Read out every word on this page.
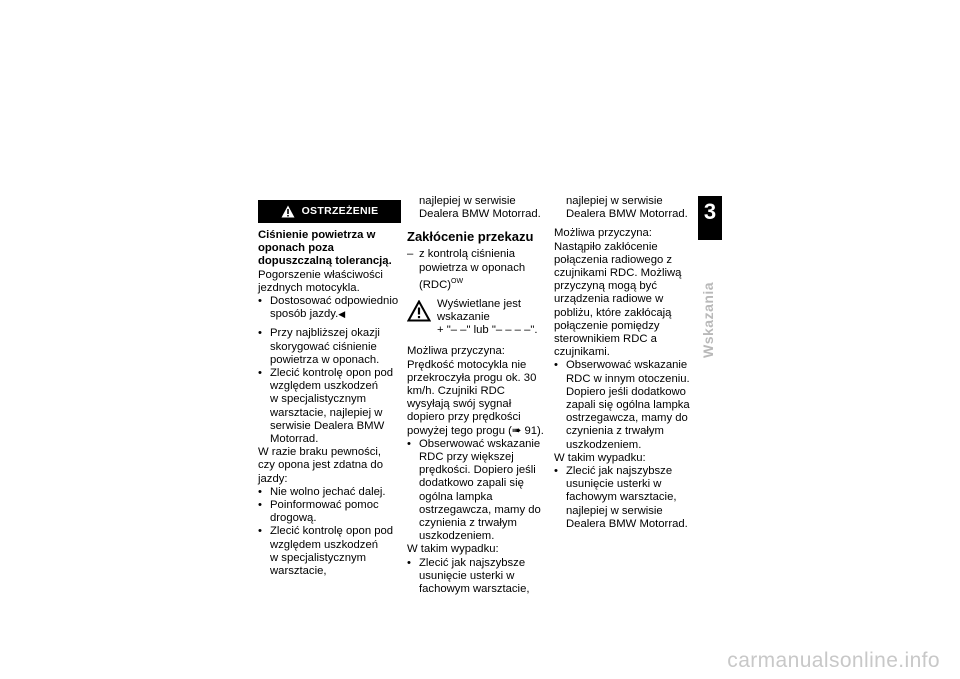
OSTRZEŻENIE

Ciśnienie powietrza w oponach poza dopuszczalną tolerancją.

Pogorszenie właściwości jezdnych motocykla.

• Dostosować odpowiednio sposób jazdy.◀

• Przy najbliższej okazji skorygować ciśnienie powietrza w oponach.

• Zlecić kontrolę opon pod względem uszkodzeń

w specjalistycznym warsztacie, najlepiej w serwisie Dealera BMW Motorrad.

W razie braku pewności, czy opona jest zdatna do jazdy:

• Nie wolno jechać dalej.

• Poinformować pomoc drogową.

• Zlecić kontrolę opon pod względem uszkodzeń

w specjalistycznym warsztacie,

najlepiej w serwisie Dealera BMW Motorrad.

Zakłócenie przekazu

– z kontrolą ciśnienia powietrza w oponach (RDC)$^{OW}$

Wyświetlane jest wskazanie
+ "– –" lub "– – – –".

Możliwa przyczyna:

Prędkość motocykla nie przekroczyła progu ok. 30 km/h. Czujniki RDC wysyłają swój sygnał dopiero przy prędkości powyżej tego progu (➠ 91).

• Obserwować wskazanie RDC przy większej prędkości. Dopiero jeśli dodatkowo zapali się ogólna lampka ostrzegawcza, mamy do czynienia z trwałym uszkodzeniem.

W takim wypadku:

• Zlecić jak najszybsze usunięcie usterki w fachowym warsztacie,

najlepiej w serwisie Dealera BMW Motorrad.

Możliwa przyczyna:

Nastąpiło zakłócenie połączenia radiowego z czujnikami RDC. Możliwą przyczyną mogą być urządzenia radiowe w pobliżu, które zakłócają połączenie pomiędzy sterownikiem RDC a czujnikami.

• Obserwować wskazanie RDC w innym otoczeniu. Dopiero jeśli dodatkowo zapali się ogólna lampka ostrzegawcza, mamy do czynienia z trwałym uszkodzeniem.

W takim wypadku:

• Zlecić jak najszybsze usunięcie usterki w fachowym warsztacie, najlepiej w serwisie Dealera BMW Motorrad.

3
37
Wskazania
carmanualsonline.info
